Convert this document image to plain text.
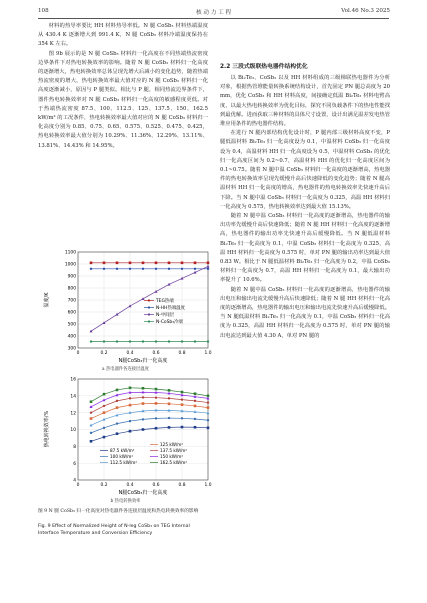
108	核 动 力 工 程	Vol.46 No.3 2025

材料的热导率要比 HH 材料热导率低。N 腿 CoSb₃ 材料热端温度从 430.4 K 逐渐增大到 991.4 K，N 腿 CoSb₃ 材料冷端温度保持在 354 K 左右。

图 9b 展示的是 N 腿 CoSb₃ 材料归一化高度在不同热端热流密度边界条件下对热电转换效率的影响。随着 N 腿 CoSb₃ 材料归一化高度的逐渐增大，热电转换效率总体呈现先增大后减小的变化趋势，随着热端热流密度的增大，热电转换效率最大值对应的 N 腿 CoSb₃ 材料归一化高度逐渐减小，原因与 P 腿类似。相比与 P 腿，相同热流边界条件下，器件热电转换效率对 N 腿 CoSb₃ 材料归一化高度的敏感程度更低。对于热端热流密度 87.5、100、112.5、125、137.5、150、162.5 kW/m² 的工况条件，热电转换效率最大值对应的 N 腿 CoSb₃ 材料归一化高度分别为 0.85、0.75、0.65、0.575、0.525、0.475、0.425，热电转换效率最大值分别为 10.29%、11.36%、12.29%、13.11%、13.81%、14.43% 和 14.95%。

300
400
500
600
700
800
900
1000
1100
0	0.2	0.4	0.6	0.8	1.0
温度/K
N腿CoSb₃归一化高度
TEG热端
N-HH热端温度
N-中间层
N-CoSb₃冷端
a 热电器件各连接层温度
4
6
8
10
12
14
16
0	0.2	0.4	0.6	0.8	1.0
热电转换效率/%
N腿CoSb₃归一化高度
87.5 kW/m²
100 kW/m²
112.5 kW/m²
125 kW/m²
137.5 kW/m²
150 kW/m²
162.5 kW/m²
b 热电转换效率
图 9 N 腿 CoSb₃ 归一化高度对热电器件各连接层温度和热电转换效率的影响
Fig. 9 Effect of Normalized Height of N-leg CoSb₃ on TEG Internal Interface Temperature and Conversion Efficiency
2.2 三段式级联热电器件结构优化

以 Bi₂Te₃、CoSb₃ 以及 HH 材料组成的三级梯联热电器件为分析对象，根据热管堆能量转换系统结构设计，首先固定 PN 腿总高度为 20 mm，优化 CoSb₃ 和 HH 材料高度，间接确定低温 Bi₂Te₃ 材料电臂高度，以最大热电转换效率为优化目标，探究不同负载条件下的热电性能找到最优解。进而获取三种材料的具体尺寸设置，设计出满足温差发电热管堆应用条件的热电器件结构。

在进行 N 腿内部结构优化设计时，P 腿内部三级材料高度不变，P 腿低温材料 Bi₂Te₃ 归一化高度设为 0.1，中温材料 CoSb₃ 归一化高度设为 0.4，高温材料 HH 归一化高度设为 0.5，中温材料 CoSb₃ 的优化归一化高度区间为 0.2~0.7，高温材料 HH 的优化归一化高度区间为 0.1~0.75。随着 N 腿中温 CoSb₃ 材料归一化高度的逐渐增高，热电器件的热电转换效率呈现先缓慢升高后快速降低的变化趋势；随着 N 腿高温材料 HH 归一化高度的增高，热电器件的热电转换效率先快速升高后下降。当 N 腿中温 CoSb₃ 材料归一化高度为 0.325，高温 HH 材料归一化高度为 0.575，热电转换效率达到最大值 15.13%。

随着 N 腿中温 CoSb₃ 材料归一化高度的逐渐增高，热电器件的输出功率先缓慢升高后快速降低；随着 N 腿 HH 材料归一化高度的逐渐增高，热电器件的输出功率先快速升高后缓慢降低。当 N 腿低温材料 Bi₂Te₃ 归一化高度为 0.1，中温 CoSb₃ 材料归一化高度为 0.325，高温 HH 材料归一化高度为 0.575 时，单对 PN 腿的输出功率达到最大值 0.83 W。相比于 N 腿低温材料 Bi₂Te₃ 归一化高度为 0.2，中温 CoSb₃ 材料归一化高度为 0.7，高温 HH 材料归一化高度为 0.1，最大输出功率提升了 10.6%。

随着 N 腿中温 CoSb₃ 材料归一化高度的逐渐增高，热电器件的输出电压和输出电流先缓慢升高后快速降低；随着 N 腿 HH 材料归一化高度的逐渐增高，热电器件的输出电压和输出电流先快速升高后缓慢降低。当 N 腿低温材料 Bi₂Te₃ 归一化高度为 0.1，中温 CoSb₃ 材料归一化高度为 0.325，高温 HH 材料归一化高度为 0.575 时，单对 PN 腿的输出电流达到最大值 4.30 A，单对 PN 腿的
